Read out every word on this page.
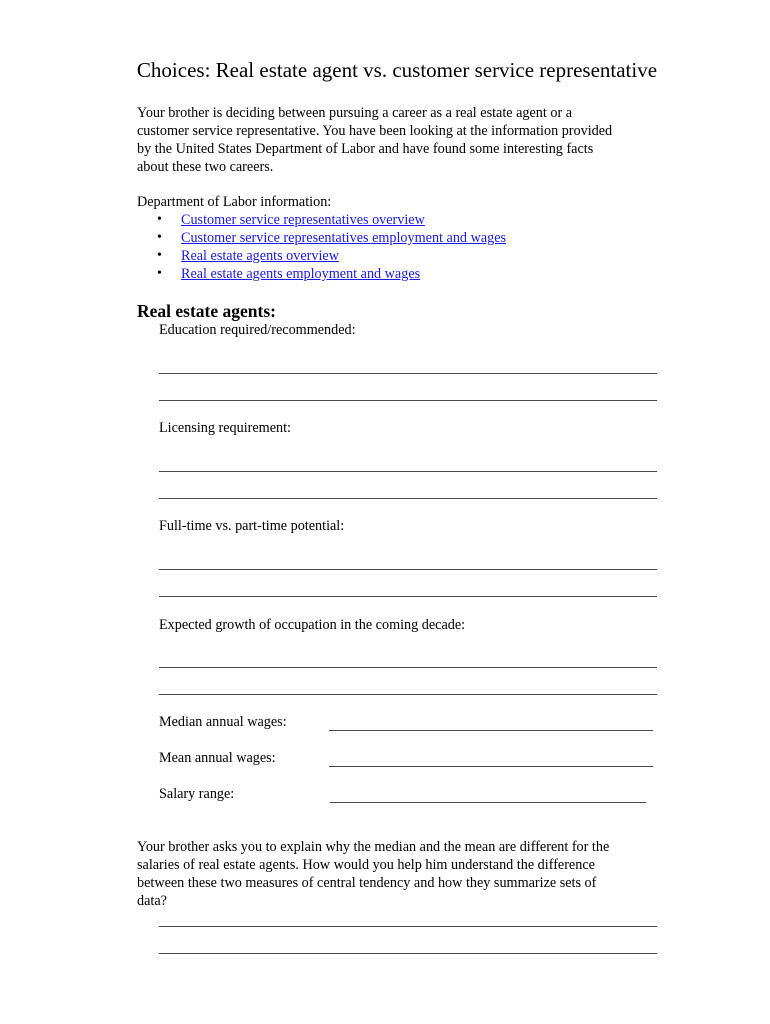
Choices: Real estate agent vs. customer service representative

Your brother is deciding between pursuing a career as a real estate agent or a

customer service representative. You have been looking at the information provided

by the United States Department of Labor and have found some interesting facts

about these two careers.

Department of Labor information:
• Customer service representatives overview
• Customer service representatives employment and wages
• Real estate agents overview
• Real estate agents employment and wages
Real estate agents:
Education required/recommended:
Licensing requirement:
Full-time vs. part-time potential:
Expected growth of occupation in the coming decade:
Median annual wages:
Mean annual wages:
Salary range:

Your brother asks you to explain why the median and the mean are different for the

salaries of real estate agents. How would you help him understand the difference

between these two measures of central tendency and how they summarize sets of

data?
